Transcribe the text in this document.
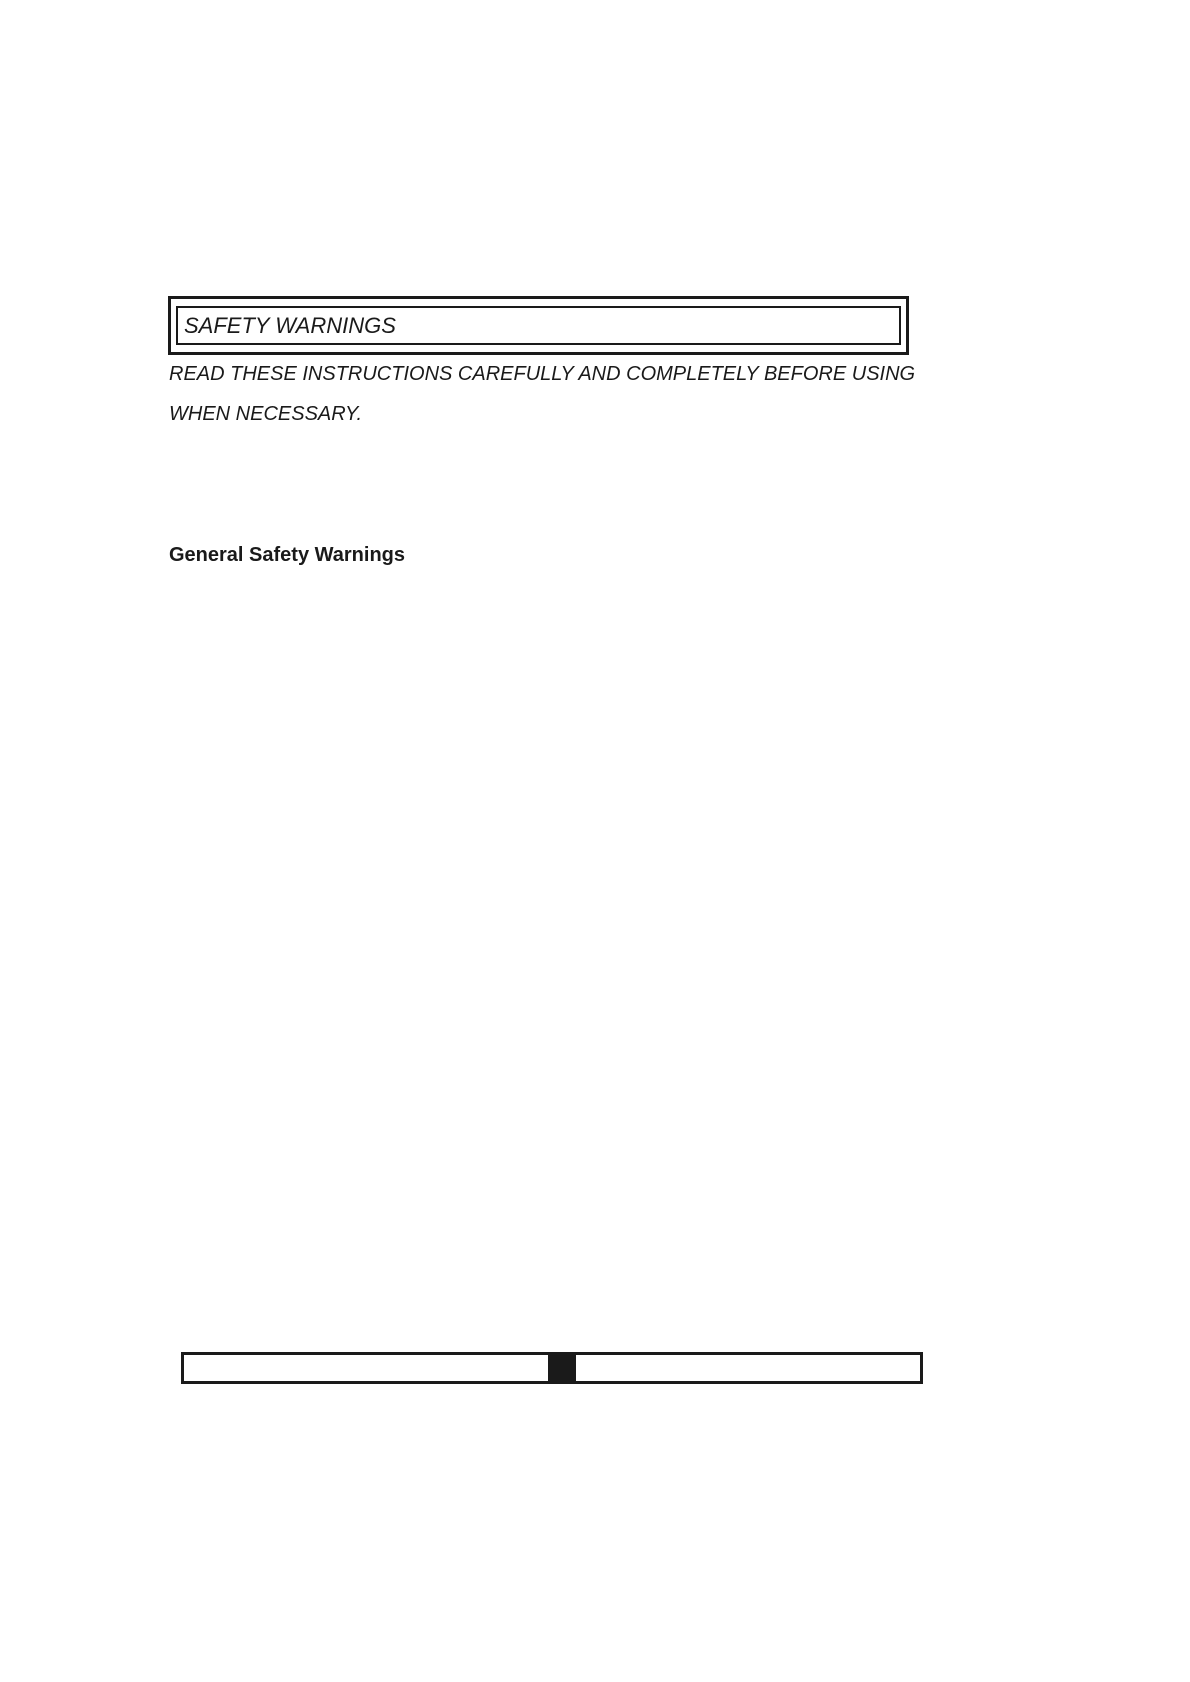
SAFETY WARNINGS
READ THESE INSTRUCTIONS CAREFULLY AND COMPLETELY BEFORE USING
WHEN NECESSARY.
General Safety Warnings
